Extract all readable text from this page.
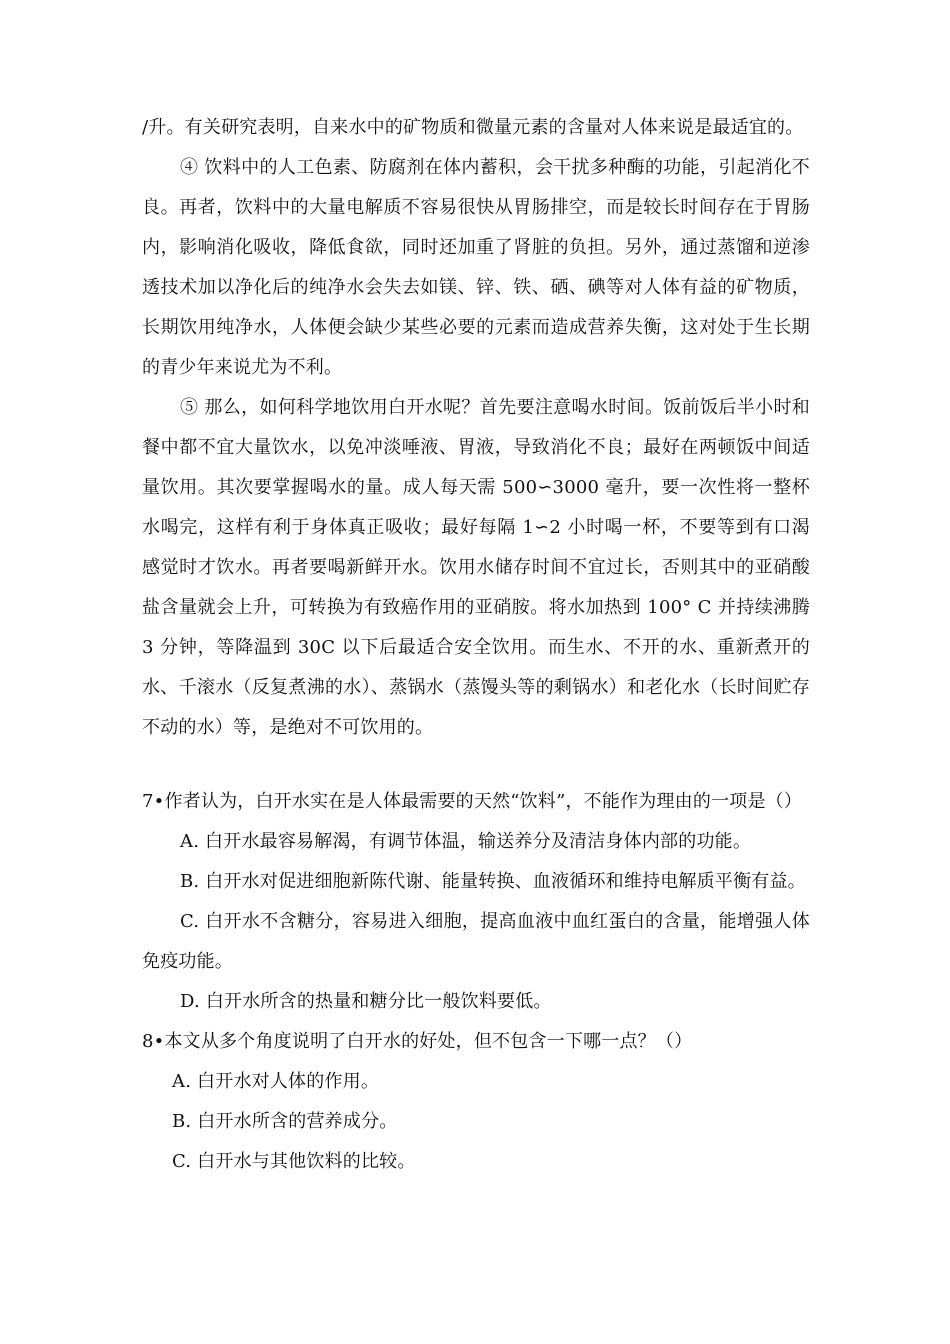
/升。有关研究表明，自来水中的矿物质和微量元素的含量对人体来说是最适宜的。

④ 饮料中的人工色素、防腐剂在体内蓄积，会干扰多种酶的功能，引起消化不良。再者，饮料中的大量电解质不容易很快从胃肠排空，而是较长时间存在于胃肠内，影响消化吸收，降低食欲，同时还加重了肾脏的负担。另外，通过蒸馏和逆渗透技术加以净化后的纯净水会失去如镁、锌、铁、硒、碘等对人体有益的矿物质，长期饮用纯净水，人体便会缺少某些必要的元素而造成营养失衡，这对处于生长期的青少年来说尤为不利。

⑤ 那么，如何科学地饮用白开水呢？首先要注意喝水时间。饭前饭后半小时和餐中都不宜大量饮水，以免冲淡唾液、胃液，导致消化不良；最好在两顿饭中间适量饮用。其次要掌握喝水的量。成人每天需 500∽3000 毫升，要一次性将一整杯水喝完，这样有利于身体真正吸收；最好每隔 1∽2 小时喝一杯，不要等到有口渴感觉时才饮水。再者要喝新鲜开水。饮用水储存时间不宜过长，否则其中的亚硝酸盐含量就会上升，可转换为有致癌作用的亚硝胺。将水加热到 100° C 并持续沸腾 3 分钟，等降温到 30C 以下后最适合安全饮用。而生水、不开的水、重新煮开的水、千滚水（反复煮沸的水）、蒸锅水（蒸馒头等的剩锅水）和老化水（长时间贮存不动的水）等，是绝对不可饮用的。

7•作者认为，白开水实在是人体最需要的天然“饮料”，不能作为理由的一项是（）

A. 白开水最容易解渴，有调节体温，输送养分及清洁身体内部的功能。

B. 白开水对促进细胞新陈代谢、能量转换、血液循环和维持电解质平衡有益。

C. 白开水不含糖分，容易进入细胞，提高血液中血红蛋白的含量，能增强人体免疫功能。

D. 白开水所含的热量和糖分比一般饮料要低。

8•本文从多个角度说明了白开水的好处，但不包含一下哪一点？（）

A. 白开水对人体的作用。

B. 白开水所含的营养成分。

C. 白开水与其他饮料的比较。
